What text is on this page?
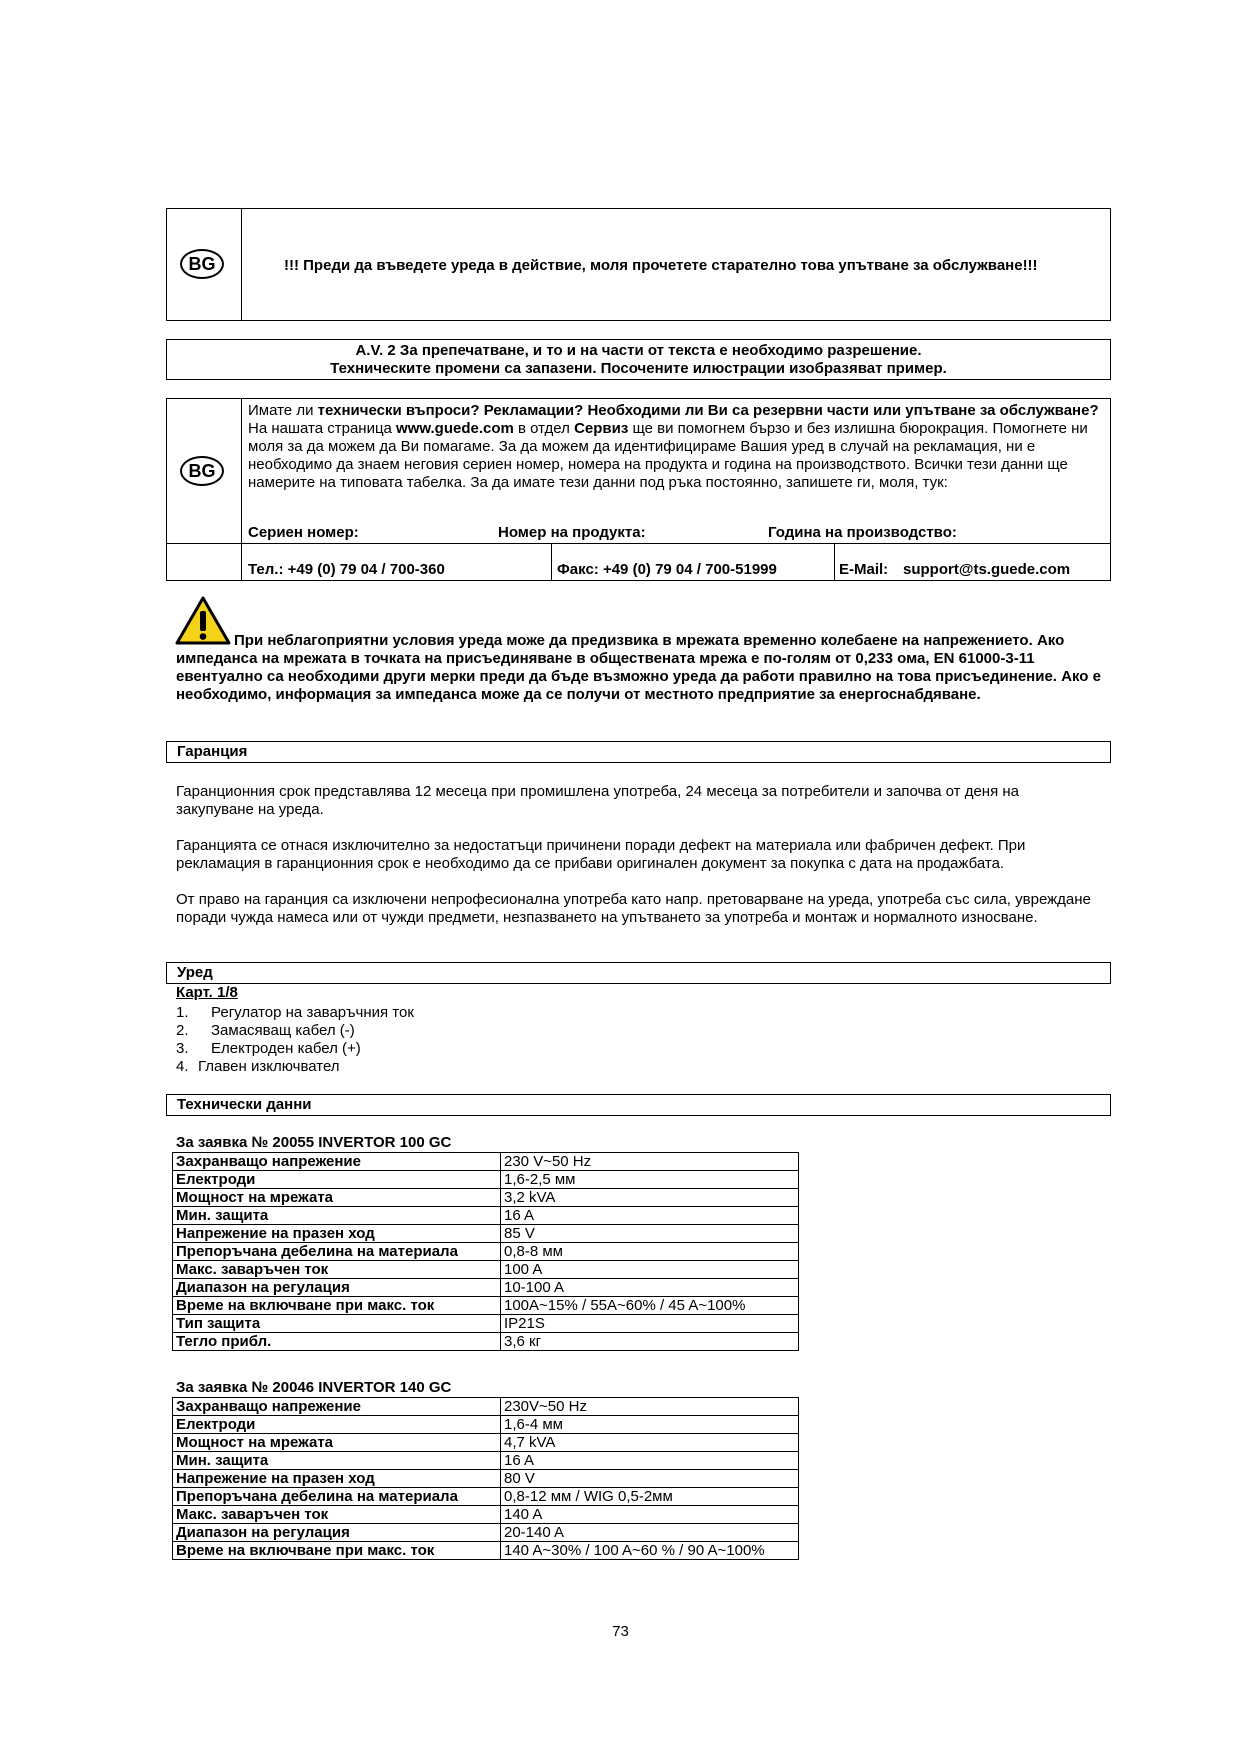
BG	!!! Преди да въведете уреда в действие, моля прочетете старателно това упътване за обслужване!!!
A.V. 2 За препечатване, и то и на части от текста е необходимо разрешение.
Техническите промени са запазени. Посочените илюстрации изобразяват пример.
BG
Имате ли технически въпроси? Рекламации? Необходими ли Ви са резервни части или упътване за обслужване?
На нашата страница www.guede.com в отдел Сервиз ще ви помогнем бързо и без излишна бюрокрация. Помогнете ни моля за да можем да Ви помагаме. За да можем да идентифицираме Вашия уред в случай на рекламация, ни е необходимо да знаем неговия сериен номер, номера на продукта и година на производството. Всички тези данни ще намерите на типовата табелка. За да имате тези данни под ръка постоянно, запишете ги, моля, тук:
Сериен номер:	Номер на продукта:	Година на производство:
Тел.: +49 (0) 79 04 / 700-360	Факс: +49 (0) 79 04 / 700-51999	E-Mail: support@ts.guede.com
При неблагоприятни условия уреда може да предизвика в мрежата временно колебаене на напрежението. Ако импеданса на мрежата в точката на присъединяване в обществената мрежа е по-голям от 0,233 ома, EN 61000-3-11 евентуално са необходими други мерки преди да бъде възможно уреда да работи правилно на това присъединение. Ако е необходимо, информация за импеданса може да се получи от местното предприятие за енергоснабдяване.
Гаранция
Гаранционния срок представлява 12 месеца при промишлена употреба, 24 месеца за потребители и започва от деня на закупуване на уреда.
Гаранцията се отнася изключително за недостатъци причинени поради дефект на материала или фабричен дефект. При рекламация в гаранционния срок е необходимо да се прибави оригинален документ за покупка с дата на продажбата.
От право на гаранция са изключени непрофесионална употреба като напр. претоварване на уреда, употреба със сила, увреждане поради чужда намеса или от чужди предмети, незпазването на упътването за употреба и монтаж и нормалното износване.
Уред
Карт. 1/8
1. Регулатор на заваръчния ток
2. Замасяващ кабел (-)
3. Електроден кабел (+)
4. Главен изключвател
Технически данни
За заявка № 20055 INVERTOR 100 GC
Захранващо напрежение	230 V~50 Hz
Електроди	1,6-2,5 мм
Мощност на мрежата	3,2 kVA
Мин. защита	16 A
Напрежение на празен ход	85 V
Препоръчана дебелина на материала	0,8-8 мм
Макс. заваръчен ток	100 A
Диапазон на регулация	10-100 A
Време на включване при макс. ток	100A~15% / 55A~60% / 45 A~100%
Тип защита	IP21S
Тегло прибл.	3,6 кг
За заявка № 20046 INVERTOR 140 GC
Захранващо напрежение	230V~50 Hz
Електроди	1,6-4 мм
Мощност на мрежата	4,7 kVA
Мин. защита	16 A
Напрежение на празен ход	80 V
Препоръчана дебелина на материала	0,8-12 мм / WIG 0,5-2мм
Макс. заваръчен ток	140 A
Диапазон на регулация	20-140 A
Време на включване при макс. ток	140 A~30% / 100 A~60 % / 90 A~100%
73
